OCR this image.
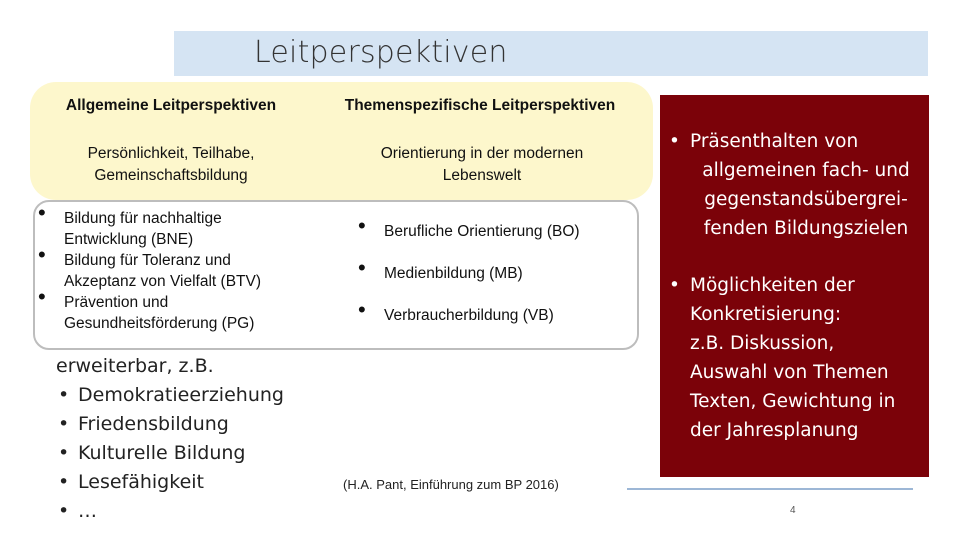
Leitperspektiven
Allgemeine Leitperspektiven	Themenspezifische Leitperspektiven
Persönlichkeit, Teilhabe,
Gemeinschaftsbildung
Orientierung in der modernen
Lebenswelt
• Bildung für nachhaltige
Entwicklung (BNE)
• Bildung für Toleranz und
Akzeptanz von Vielfalt (BTV)
• Prävention und
Gesundheitsförderung (PG)
• Berufliche Orientierung (BO)
• Medienbildung (MB)
• Verbraucherbildung (VB)
erweiterbar, z.B.
• Demokratieerziehung
• Friedensbildung
• Kulturelle Bildung
• Lesefähigkeit
• …
(H.A. Pant, Einführung zum BP 2016)
• Präsenthalten von
allgemeinen fach- und
gegenstandsübergrei-
fenden Bildungszielen
• Möglichkeiten der
Konkretisierung:
z.B. Diskussion,
Auswahl von Themen
Texten, Gewichtung in
der Jahresplanung
4
